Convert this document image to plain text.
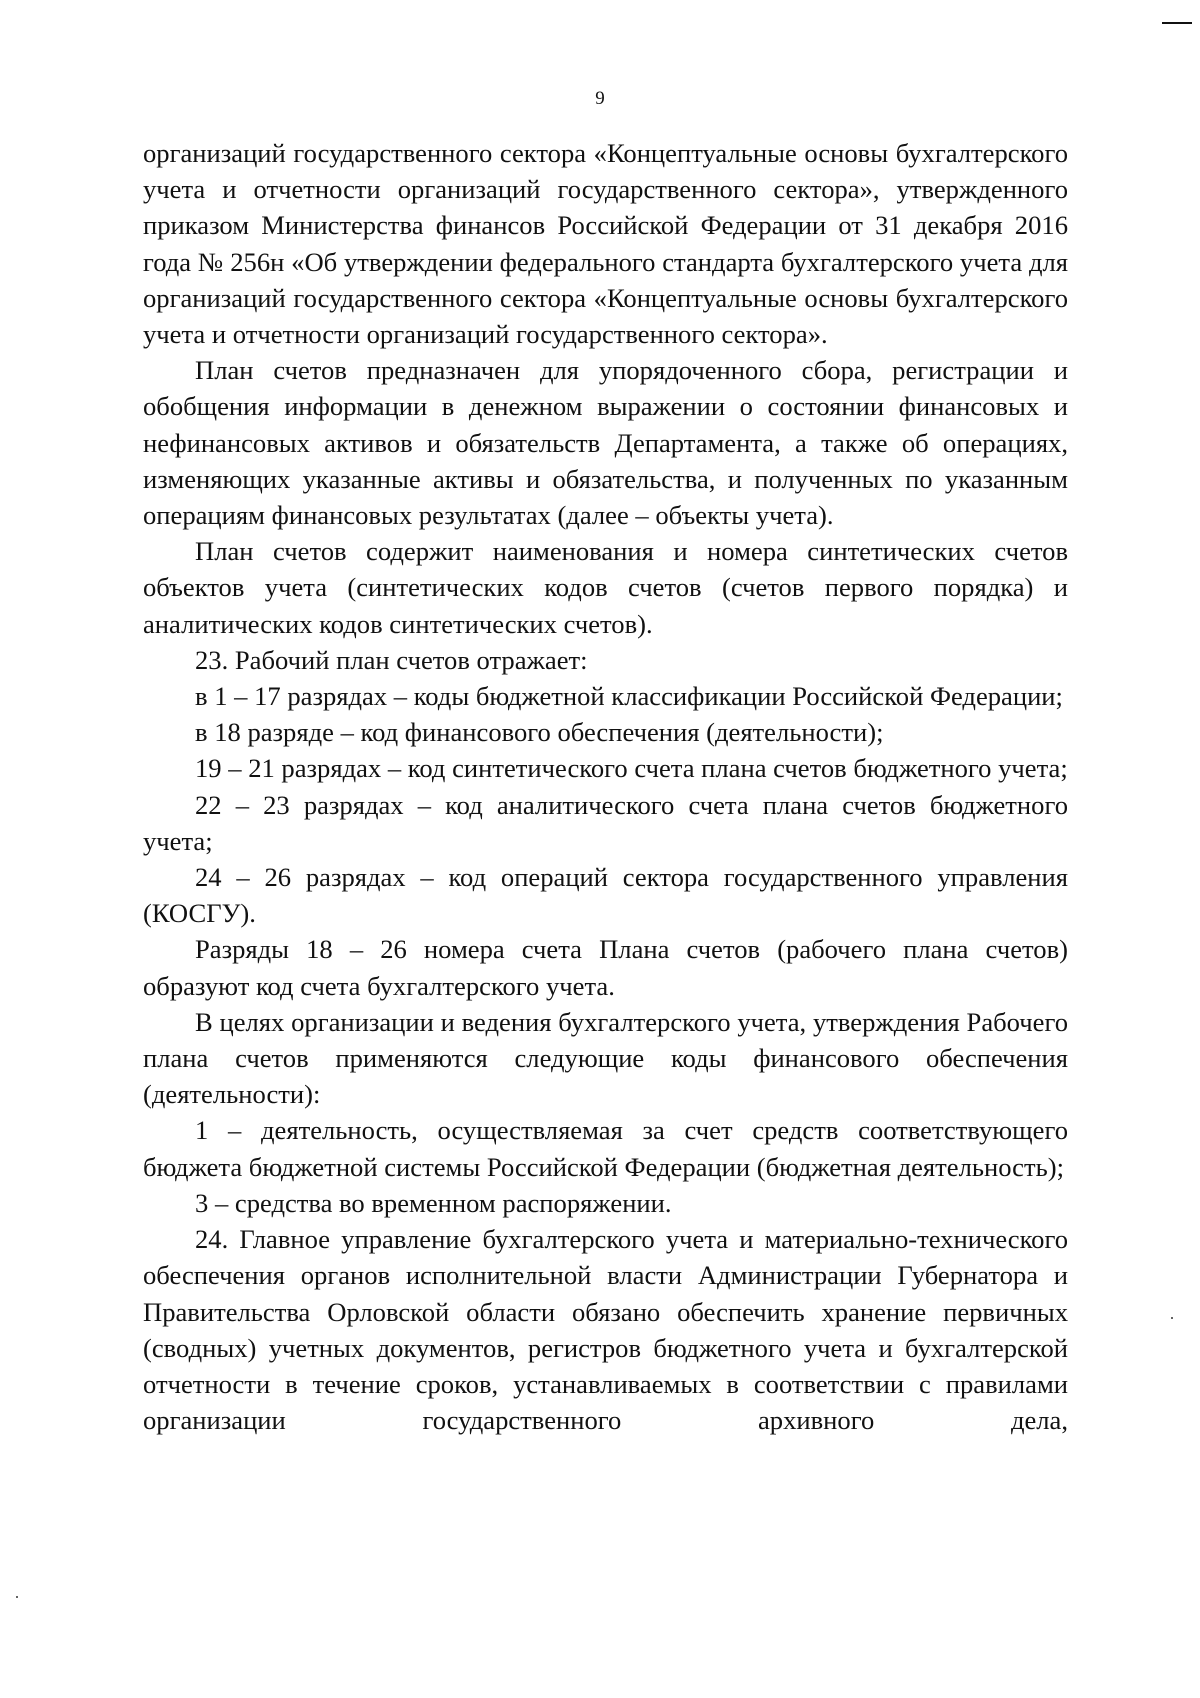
9

организаций государственного сектора «Концептуальные основы бухгалтерского учета и отчетности организаций государственного сектора», утвержденного приказом Министерства финансов Российской Федерации от 31 декабря 2016 года № 256н «Об утверждении федерального стандарта бухгалтерского учета для организаций государственного сектора «Концептуальные основы бухгалтерского учета и отчетности организаций государственного сектора».

План счетов предназначен для упорядоченного сбора, регистрации и обобщения информации в денежном выражении о состоянии финансовых и нефинансовых активов и обязательств Департамента, а также об операциях, изменяющих указанные активы и обязательства, и полученных по указанным операциям финансовых результатах (далее – объекты учета).

План счетов содержит наименования и номера синтетических счетов объектов учета (синтетических кодов счетов (счетов первого порядка) и аналитических кодов синтетических счетов).

23. Рабочий план счетов отражает:

в 1 – 17 разрядах – коды бюджетной классификации Российской Федерации;

в 18 разряде – код финансового обеспечения (деятельности);

19 – 21 разрядах – код синтетического счета плана счетов бюджетного учета;

22 – 23 разрядах – код аналитического счета плана счетов бюджетного учета;

24 – 26 разрядах – код операций сектора государственного управления (КОСГУ).

Разряды 18 – 26 номера счета Плана счетов (рабочего плана счетов) образуют код счета бухгалтерского учета.

В целях организации и ведения бухгалтерского учета, утверждения Рабочего плана счетов применяются следующие коды финансового обеспечения (деятельности):

1 – деятельность, осуществляемая за счет средств соответствующего бюджета бюджетной системы Российской Федерации (бюджетная деятельность);

3 – средства во временном распоряжении.

24. Главное управление бухгалтерского учета и материально-технического обеспечения органов исполнительной власти Администрации Губернатора и Правительства Орловской области обязано обеспечить хранение первичных (сводных) учетных документов, регистров бюджетного учета и бухгалтерской отчетности в течение сроков, устанавливаемых в соответствии с правилами организации государственного архивного дела,
